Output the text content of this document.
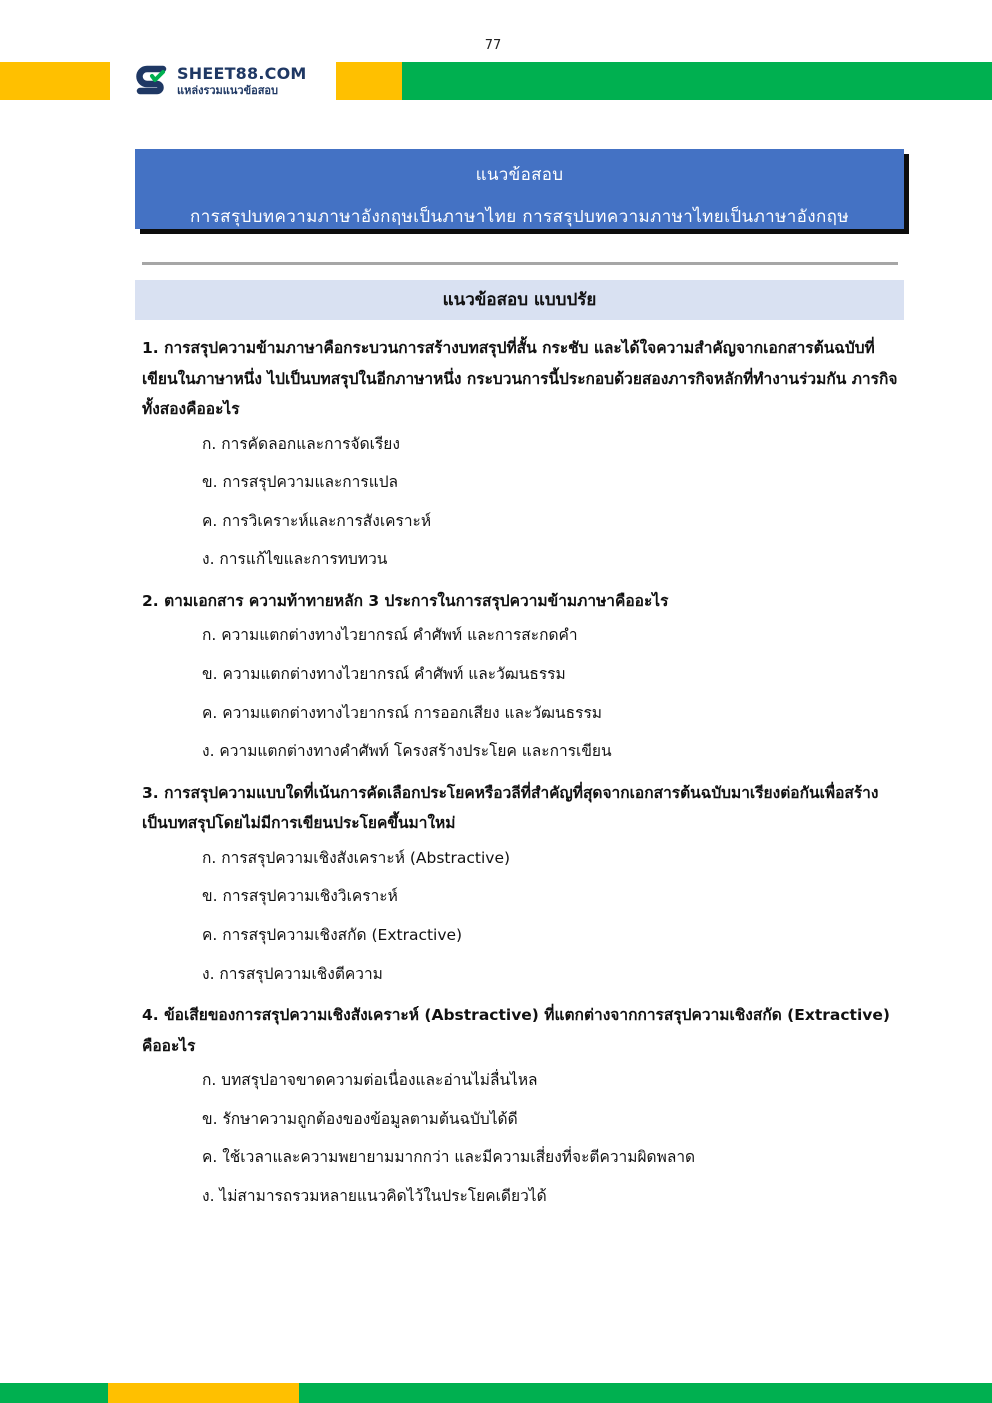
77
SHEET88.COM
แหล่งรวมแนวข้อสอบ
แนวข้อสอบ
การสรุปบทความภาษาอังกฤษเป็นภาษาไทย การสรุปบทความภาษาไทยเป็นภาษาอังกฤษ
แนวข้อสอบ แบบปรัย

1. การสรุปความข้ามภาษาคือกระบวนการสร้างบทสรุปที่สั้น กระชับ และได้ใจความสำคัญจากเอกสารต้นฉบับที่เขียนในภาษาหนึ่ง ไปเป็นบทสรุปในอีกภาษาหนึ่ง กระบวนการนี้ประกอบด้วยสองภารกิจหลักที่ทำงานร่วมกัน ภารกิจทั้งสองคืออะไร

ก. การคัดลอกและการจัดเรียง
ข. การสรุปความและการแปล
ค. การวิเคราะห์และการสังเคราะห์
ง. การแก้ไขและการทบทวน

2. ตามเอกสาร ความท้าทายหลัก 3 ประการในการสรุปความข้ามภาษาคืออะไร

ก. ความแตกต่างทางไวยากรณ์ คำศัพท์ และการสะกดคำ
ข. ความแตกต่างทางไวยากรณ์ คำศัพท์ และวัฒนธรรม
ค. ความแตกต่างทางไวยากรณ์ การออกเสียง และวัฒนธรรม
ง. ความแตกต่างทางคำศัพท์ โครงสร้างประโยค และการเขียน

3. การสรุปความแบบใดที่เน้นการคัดเลือกประโยคหรือวลีที่สำคัญที่สุดจากเอกสารต้นฉบับมาเรียงต่อกันเพื่อสร้างเป็นบทสรุปโดยไม่มีการเขียนประโยคขึ้นมาใหม่

ก. การสรุปความเชิงสังเคราะห์ (Abstractive)
ข. การสรุปความเชิงวิเคราะห์
ค. การสรุปความเชิงสกัด (Extractive)
ง. การสรุปความเชิงตีความ

4. ข้อเสียของการสรุปความเชิงสังเคราะห์ (Abstractive) ที่แตกต่างจากการสรุปความเชิงสกัด (Extractive) คืออะไร

ก. บทสรุปอาจขาดความต่อเนื่องและอ่านไม่ลื่นไหล
ข. รักษาความถูกต้องของข้อมูลตามต้นฉบับได้ดี
ค. ใช้เวลาและความพยายามมากกว่า และมีความเสี่ยงที่จะตีความผิดพลาด
ง. ไม่สามารถรวมหลายแนวคิดไว้ในประโยคเดียวได้
